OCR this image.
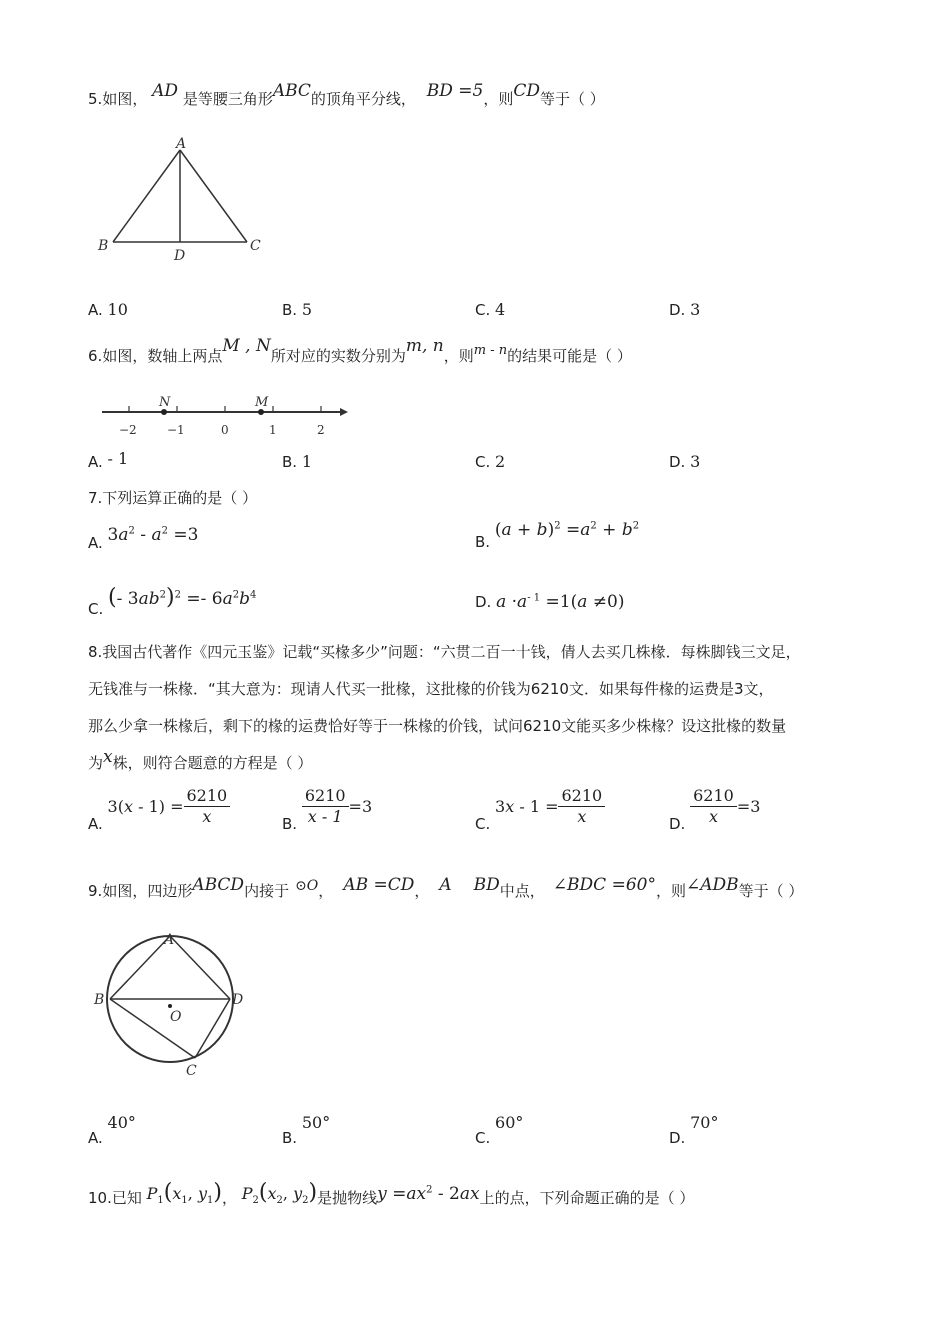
5.如图， AD 是等腰三角形ABC的顶角平分线， BD =5，则CD等于（ ）
A
B	C
D
A. 10	B. 5	C. 4	D. 3
6.如图，数轴上两点M , N所对应的实数分别为m, n，则m - n的结果可能是（ ）
N	M
−2	−1	0	1	2
A. - 1	B. 1	C. 2	D. 3
7.下列运算正确的是（ ）
A. $3a^2 - a^2 =3$	B. $(a + b)^2 =a^2 + b^2$
C. (- $3ab^2)^2 =- 6a^2b^4$	D. $a \cdot a^{- 1} =1(a \ne 0)$
8.我国古代著作《四元玉鉴》记载“买椽多少”问题：“六贯二百一十钱，倩人去买几株椽．每株脚钱三文足，
无钱准与一株椽．“其大意为：现请人代买一批椽，这批椽的价钱为6210文．如果每件椽的运费是3文，
那么少拿一株椽后，剩下的椽的运费恰好等于一株椽的价钱，试问6210文能买多少株椽？设这批椽的数量
为x株，则符合题意的方程是（ ）
A. $3(x - 1) = \frac{6210}{x}$	B. $\frac{6210}{x - 1} =3$
C. $3x - 1 = \frac{6210}{x}$	D. $\frac{6210}{x} =3$
9.如图，四边形ABCD内接于 ⊙O， AB =CD， A BD中点， ∠BDC =60°，则∠ADB等于（ ）
A
B	D
C
O
A. 40°
B. 50°
C. 60°
D. 70°
10.已知 $P_1(x_1$, $y_1$)， $P_2(x_2$, $y_2$)是抛物线$y =ax^2 - 2ax$上的点，下列命题正确的是（ ）
